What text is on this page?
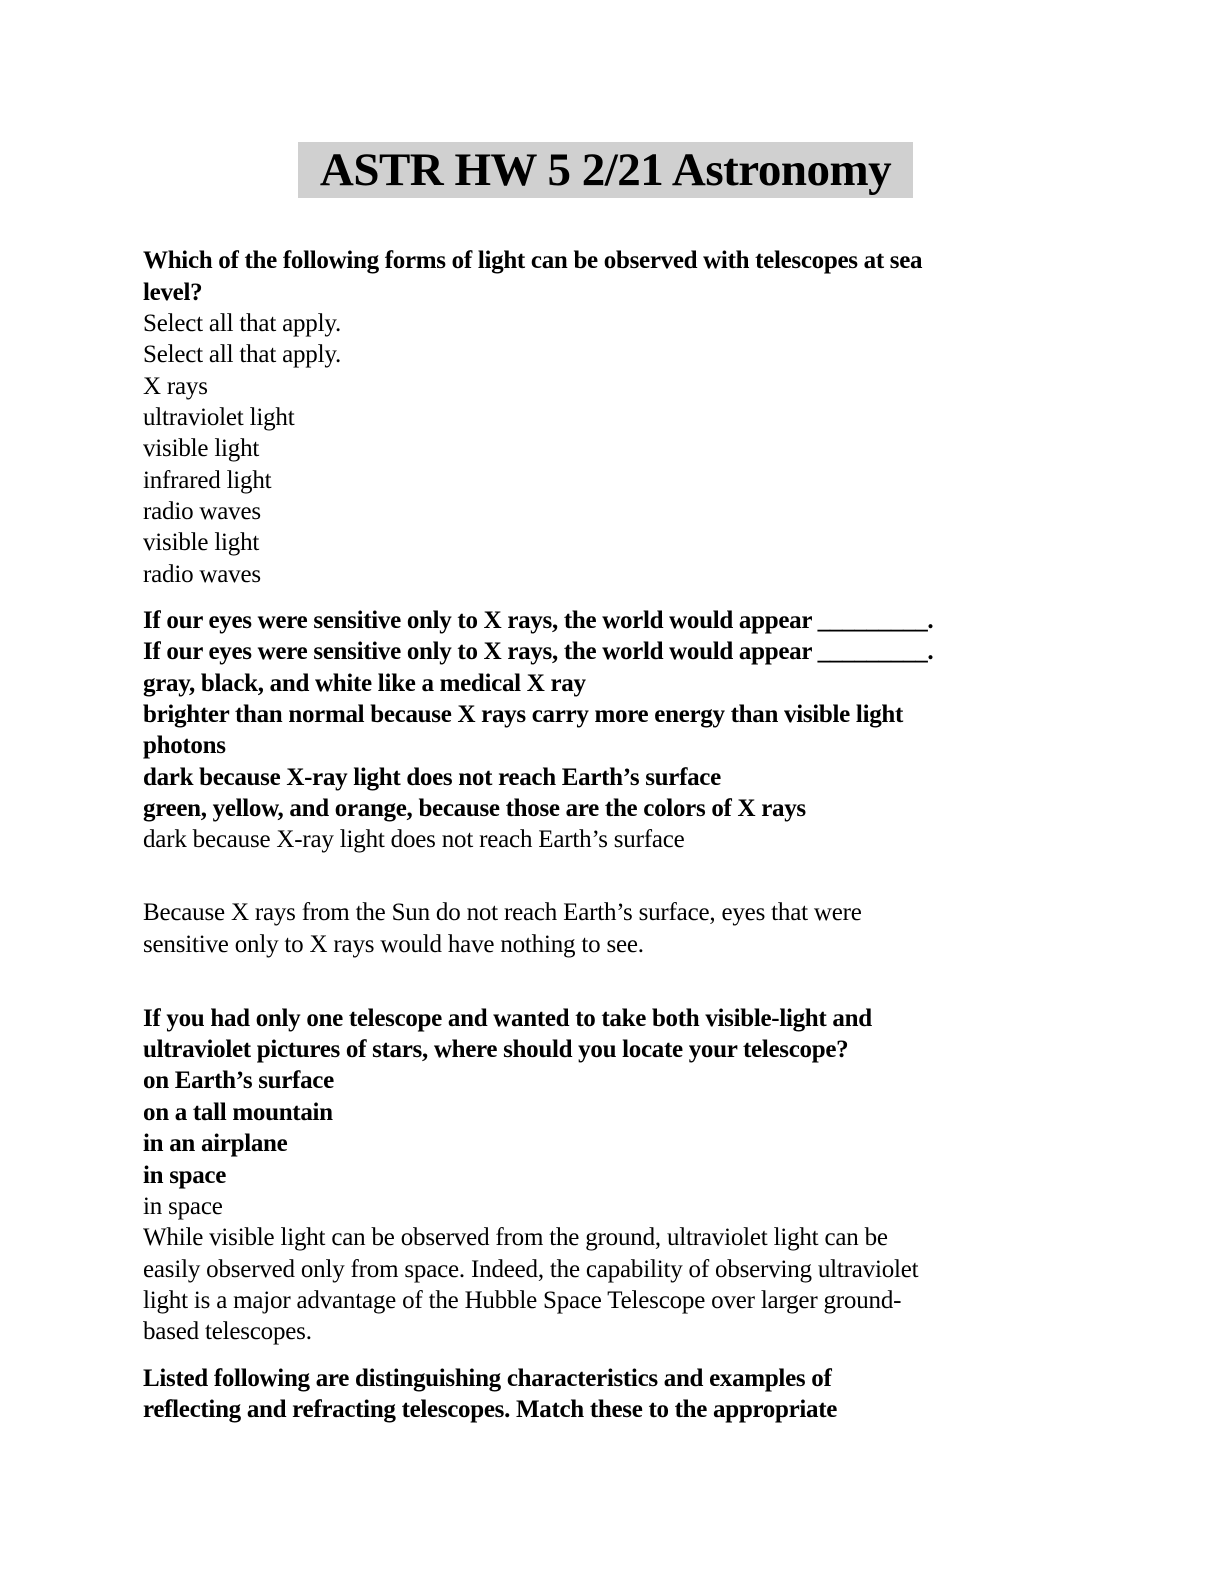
ASTR HW 5 2/21 Astronomy
Which of the following forms of light can be observed with telescopes at sea
level?
Select all that apply.
Select all that apply.
X rays
ultraviolet light
visible light
infrared light
radio waves
visible light
radio waves
If our eyes were sensitive only to X rays, the world would appear _________.
If our eyes were sensitive only to X rays, the world would appear _________.
gray, black, and white like a medical X ray
brighter than normal because X rays carry more energy than visible light
photons
dark because X-ray light does not reach Earth’s surface
green, yellow, and orange, because those are the colors of X rays
dark because X-ray light does not reach Earth’s surface
Because X rays from the Sun do not reach Earth’s surface, eyes that were
sensitive only to X rays would have nothing to see.
If you had only one telescope and wanted to take both visible-light and
ultraviolet pictures of stars, where should you locate your telescope?
on Earth’s surface
on a tall mountain
in an airplane
in space
in space
While visible light can be observed from the ground, ultraviolet light can be
easily observed only from space. Indeed, the capability of observing ultraviolet
light is a major advantage of the Hubble Space Telescope over larger ground-
based telescopes.
Listed following are distinguishing characteristics and examples of
reflecting and refracting telescopes. Match these to the appropriate
